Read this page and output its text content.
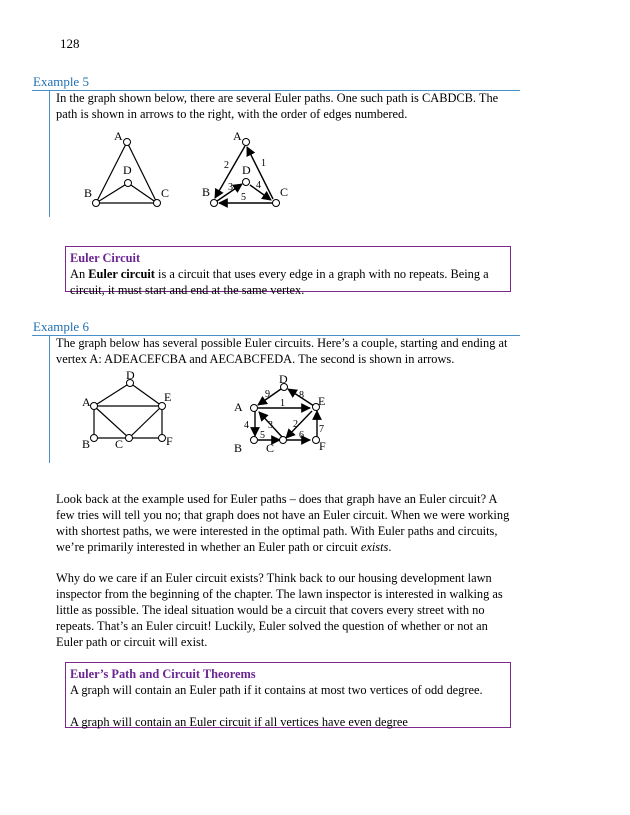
128
Example 5
In the graph shown below, there are several Euler paths. One such path is CABDCB. The path is shown in arrows to the right, with the order of edges numbered.
A
D
B	C
A
D
B	C
1
2
3 4
5
Euler Circuit
An Euler circuit is a circuit that uses every edge in a graph with no repeats. Being a circuit, it must start and end at the same vertex.
Example 6
The graph below has several possible Euler circuits. Here’s a couple, starting and ending at vertex A: ADEACEFCBA and AECABCFEDA. The second is shown in arrows.
D
A	E
B C	F
D
A	E
B C	F
1
2
3
4
5	6
7
8
9
Look back at the example used for Euler paths – does that graph have an Euler circuit? A few tries will tell you no; that graph does not have an Euler circuit. When we were working with shortest paths, we were interested in the optimal path. With Euler paths and circuits, we’re primarily interested in whether an Euler path or circuit exists.
Why do we care if an Euler circuit exists? Think back to our housing development lawn inspector from the beginning of the chapter. The lawn inspector is interested in walking as little as possible. The ideal situation would be a circuit that covers every street with no repeats. That’s an Euler circuit! Luckily, Euler solved the question of whether or not an Euler path or circuit will exist.
Euler’s Path and Circuit Theorems
A graph will contain an Euler path if it contains at most two vertices of odd degree.
A graph will contain an Euler circuit if all vertices have even degree
